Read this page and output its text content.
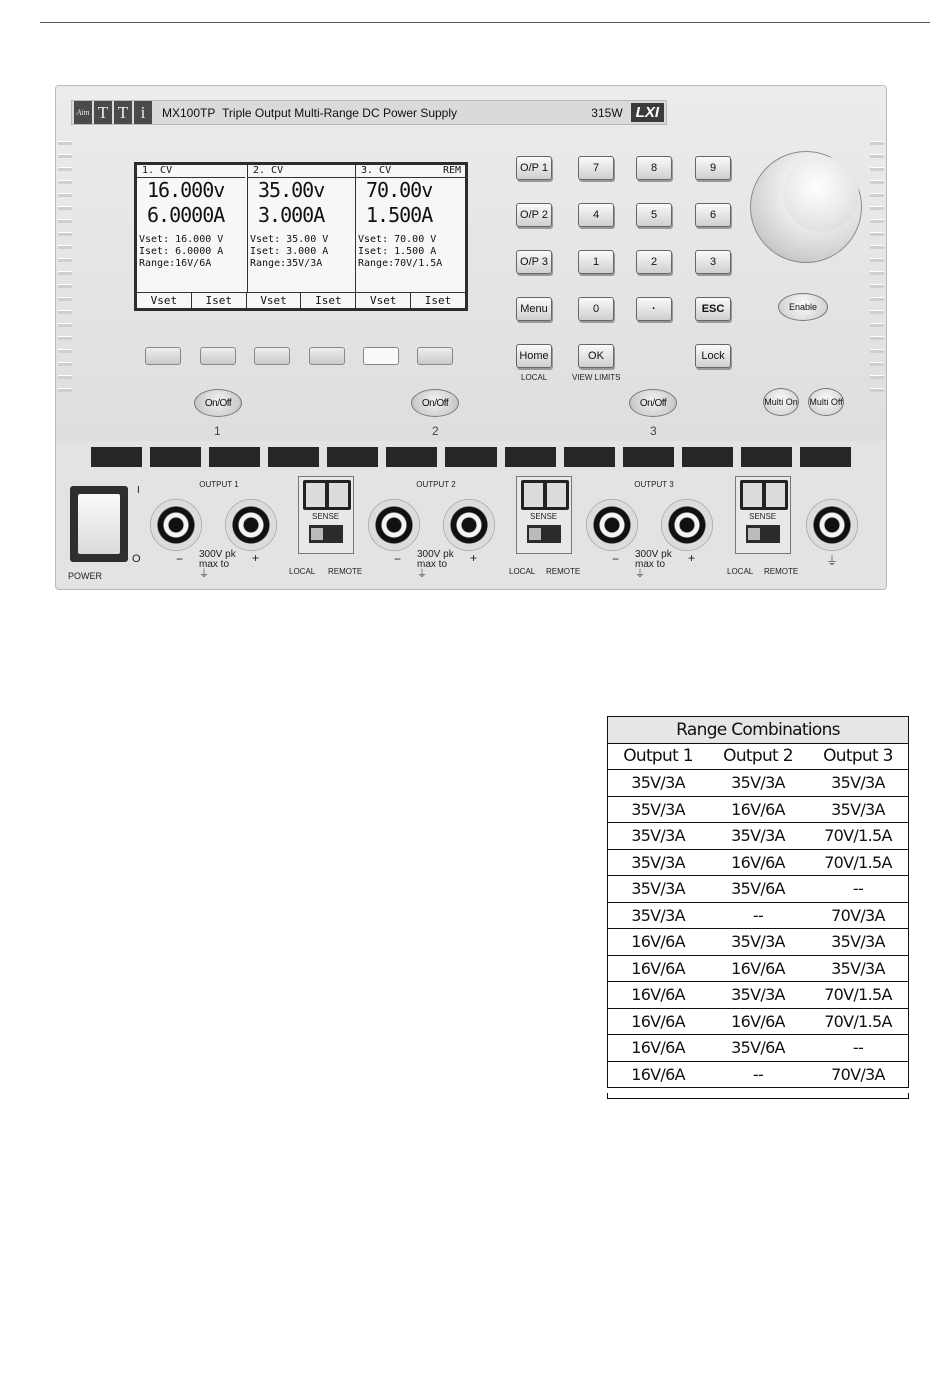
Aim T T i	MX100TP Triple Output Multi-Range DC Power Supply	315W LXI
1. CV
16.000v
6.0000A
Vset: 16.000 V
Iset: 6.0000 A
Range:16V/6A
2. CV
35.00v
3.000A
Vset: 35.00 V
Iset: 3.000 A
Range:35V/3A
3. CV	REM
70.00v
1.500A
Vset: 70.00 V
Iset: 1.500 A
Range:70V/1.5A
Vset	Iset	Vset	Iset	Vset	Iset
On/Off	On/Off	On/Off
1	2	3
O/P 1
O/P 2
O/P 3
Menu
Home
LOCAL
7	8	9
4	5	6
1	2	3
0	·	ESC
OK
VIEW LIMITS
Lock
Enable
Multi On Multi Off
I
O
POWER
OUTPUT 1
300V pk max to ⏚
−	+
SENSE
LOCAL REMOTE
OUTPUT 2
300V pk max to ⏚
−	+
SENSE
LOCAL REMOTE
OUTPUT 3
300V pk max to ⏚
−	+
SENSE
LOCAL REMOTE
⏚
Range Combinations		
Output 1	Output 2	Output 3
35V/3A	35V/3A	35V/3A
35V/3A	16V/6A	35V/3A
35V/3A	35V/3A	70V/1.5A
35V/3A	16V/6A	70V/1.5A
35V/3A	35V/6A	--
35V/3A	--	70V/3A
16V/6A	35V/3A	35V/3A
16V/6A	16V/6A	35V/3A
16V/6A	35V/3A	70V/1.5A
16V/6A	16V/6A	70V/1.5A
16V/6A	35V/6A	--
16V/6A	--	70V/3A
